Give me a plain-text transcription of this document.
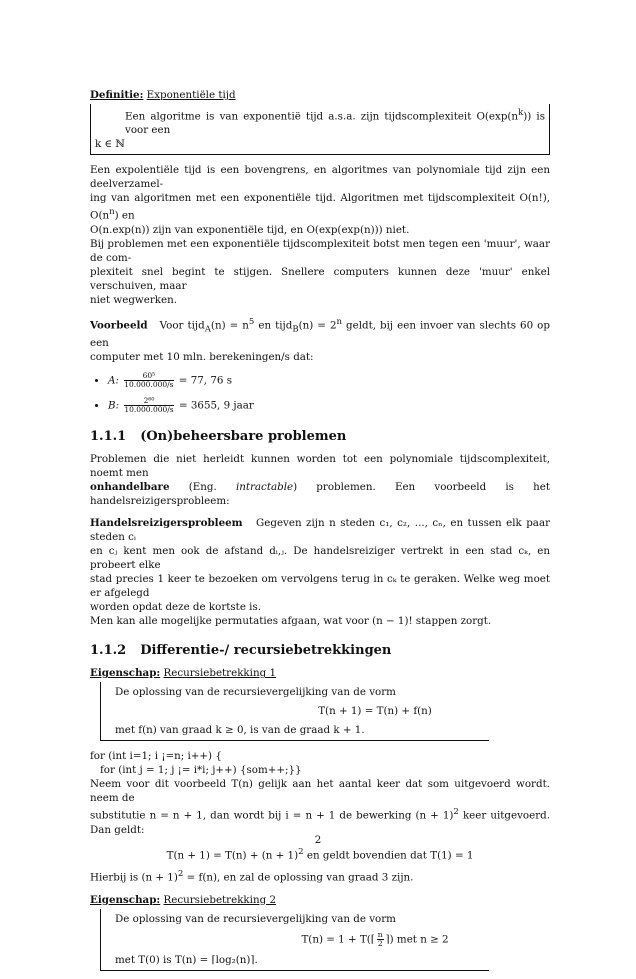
Definitie: Exponentiële tijd
Een algoritme is van exponentië tijd a.s.a. zijn tijdscomplexiteit $O(\exp(n^k))$ is voor een
k ∈ ℕ

Een expolentiële tijd is een bovengrens, en algoritmes van polynomiale tijd zijn een deelverzamel-
ing van algoritmen met een exponentiële tijd. Algoritmen met tijdscomplexiteit O(n!), $O(n^n)$ en
O(n.exp(n)) zijn van exponentiële tijd, en O(exp(exp(n))) niet.
Bij problemen met een exponentiële tijdscomplexiteit botst men tegen een 'muur', waar de com-
plexiteit snel begint te stijgen. Snellere computers kunnen deze 'muur' enkel verschuiven, maar
niet wegwerken.

Voorbeeld Voor tijd$_A$(n) = $n^5$ en tijd$_B$(n) = $2^n$ geldt, bij een invoer van slechts 60 op een
computer met 10 mln. berekeningen/s dat:

• A: $\frac{\text{60⁵}}{10.000.000/s} = 77$, 76 s
• B: $\frac{\text{2⁶⁰}}{10.000.000/s} = 3655$, 9 jaar
1.1.1 (On)beheersbare problemen

Problemen die niet herleidt kunnen worden tot een polynomiale tijdscomplexiteit, noemt men
onhandelbare (Eng. intractable) problemen. Een voorbeeld is het handelsreizigersprobleem:

Handelsreizigersprobleem Gegeven zijn n steden c₁, c₂, ..., cₙ, en tussen elk paar steden cᵢ
en cⱼ kent men ook de afstand dᵢ,ⱼ. De handelsreiziger vertrekt in een stad cₖ, en probeert elke
stad precies 1 keer te bezoeken om vervolgens terug in cₖ te geraken. Welke weg moet er afgelegd
worden opdat deze de kortste is.
Men kan alle mogelijke permutaties afgaan, wat voor (n − 1)! stappen zorgt.

1.1.2 Differentie-/ recursiebetrekkingen
Eigenschap: Recursiebetrekking 1
De oplossing van de recursievergelijking van de vorm
T(n + 1) = T(n) + f(n)
met f(n) van graad k ≥ 0, is van de graad k + 1.
for (int i=1; i ¡=n; i++) {
for (int j = 1; j ¡= i*i; j++) {som++;}}

Neem voor dit voorbeeld T(n) gelijk aan het aantal keer dat som uitgevoerd wordt. neem de
substitutie n = n + 1, dan wordt bij i = n + 1 de bewerking $(n + 1)^2$ keer uitgevoerd. Dan geldt:

$T(n + 1) = T(n) + (n + 1)^2$ en geldt bovendien dat T(1) = 1

Hierbij is $(n + 1)^2 = f(n)$, en zal de oplossing van graad 3 zijn.

Eigenschap: Recursiebetrekking 2
De oplossing van de recursievergelijking van de vorm
T(n) = 1 + T(⌈ $\frac{n}{2}$ ⌉) met n ≥ 2
met T(0) is T(n) = ⌈log₂(n)⌉.
2
